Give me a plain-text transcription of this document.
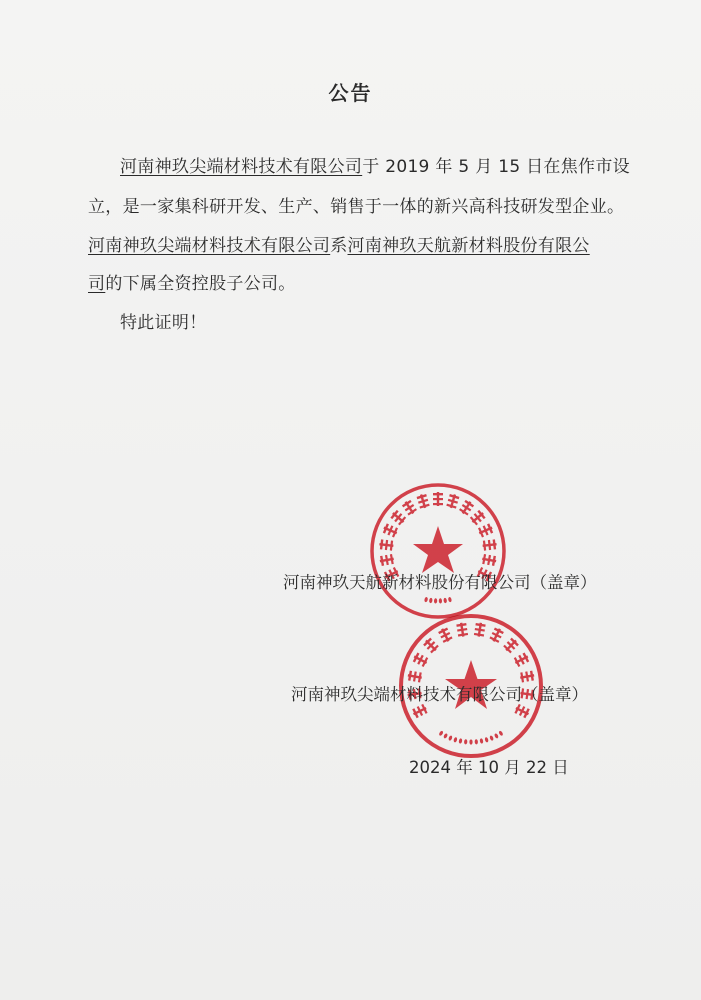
公告
河南神玖尖端材料技术有限公司于 2019 年 5 月 15 日在焦作市设
立，是一家集科研开发、生产、销售于一体的新兴高科技研发型企业。
河南神玖尖端材料技术有限公司系河南神玖天航新材料股份有限公
司的下属全资控股子公司。
特此证明！
河南神玖天航新材料股份有限公司（盖章）
河南神玖尖端材料技术有限公司（盖章）
2024 年 10 月 22 日
